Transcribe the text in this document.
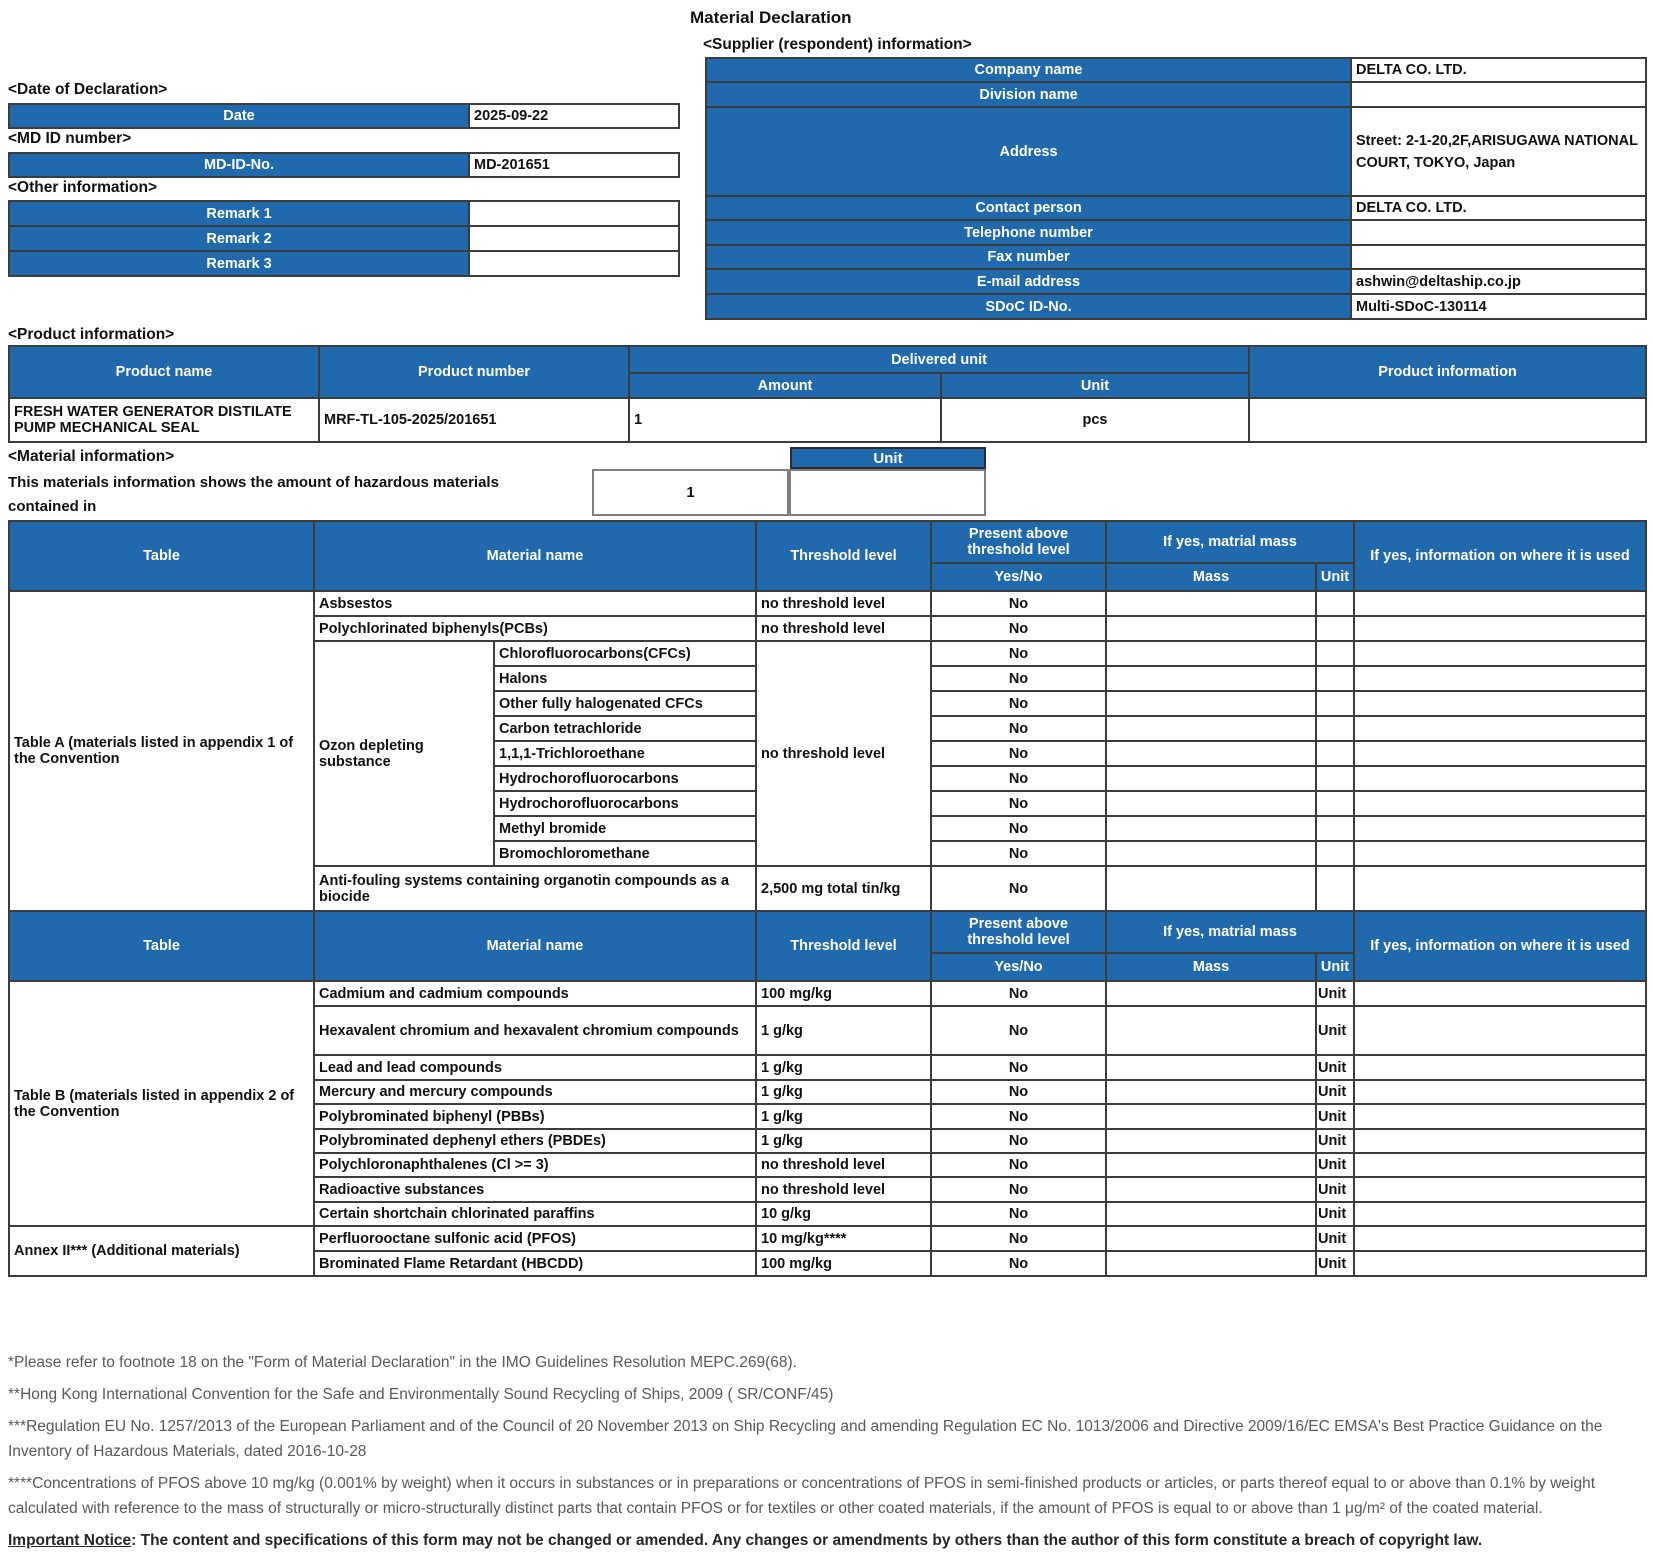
Material Declaration
<Supplier (respondent) information>
Company name	DELTA CO. LTD.
Division name	
Address	Street: 2-1-20,2F,ARISUGAWA NATIONAL COURT, TOKYO, Japan
Contact person	DELTA CO. LTD.
Telephone number	
Fax number	
E-mail address	ashwin@deltaship.co.jp
SDoC ID-No.	Multi-SDoC-130114
<Date of Declaration>
Date	2025-09-22
<MD ID number>
MD-ID-No.	MD-201651
<Other information>
Remark 1	
Remark 2	
Remark 3	
<Product information>
Product name	Product number	Delivered unit		Product information
		Amount	Unit	
FRESH WATER GENERATOR DISTILATE PUMP MECHANICAL SEAL	MRF-TL-105-2025/201651	1	pcs	
<Material information>
This materials information shows the amount of hazardous materials contained in
Unit
1
Table	Material name		Threshold level	Present above threshold level	If yes, matrial mass		If yes, information on where it is used
				Yes/No	Mass	Unit	
Table A (materials listed in appendix 1 of the Convention	Asbsestos		no threshold level	No			
	Polychlorinated biphenyls(PCBs)		no threshold level	No			
	Ozon depleting substance	Chlorofluorocarbons(CFCs)	no threshold level	No			
		Halons		No			
		Other fully halogenated CFCs		No			
		Carbon tetrachloride		No			
		1,1,1-Trichloroethane		No			
		Hydrochorofluorocarbons		No			
		Hydrochorofluorocarbons		No			
		Methyl bromide		No			
		Bromochloromethane		No			
	Anti-fouling systems containing organotin compounds as a biocide		2,500 mg total tin/kg	No			
Table	Material name	Threshold level	Present above threshold level	If yes, matrial mass		If yes, information on where it is used
			Yes/No	Mass	Unit	
Table B (materials listed in appendix 2 of the Convention	Cadmium and cadmium compounds	100 mg/kg	No		Unit	
	Hexavalent chromium and hexavalent chromium compounds	1 g/kg	No		Unit	
	Lead and lead compounds	1 g/kg	No		Unit	
	Mercury and mercury compounds	1 g/kg	No		Unit	
	Polybrominated biphenyl (PBBs)	1 g/kg	No		Unit	
	Polybrominated dephenyl ethers (PBDEs)	1 g/kg	No		Unit	
	Polychloronaphthalenes (Cl >= 3)	no threshold level	No		Unit	
	Radioactive substances	no threshold level	No		Unit	
	Certain shortchain chlorinated paraffins	10 g/kg	No		Unit	
Annex II*** (Additional materials)	Perfluorooctane sulfonic acid (PFOS)	10 mg/kg****	No		Unit	
	Brominated Flame Retardant (HBCDD)	100 mg/kg	No		Unit	

*Please refer to footnote 18 on the "Form of Material Declaration" in the IMO Guidelines Resolution MEPC.269(68).

**Hong Kong International Convention for the Safe and Environmentally Sound Recycling of Ships, 2009 ( SR/CONF/45)

***Regulation EU No. 1257/2013 of the European Parliament and of the Council of 20 November 2013 on Ship Recycling and amending Regulation EC No. 1013/2006 and Directive 2009/16/EC EMSA's Best Practice Guidance on the Inventory of Hazardous Materials, dated 2016-10-28

****Concentrations of PFOS above 10 mg/kg (0.001% by weight) when it occurs in substances or in preparations or concentrations of PFOS in semi-finished products or articles, or parts thereof equal to or above than 0.1% by weight calculated with reference to the mass of structurally or micro-structurally distinct parts that contain PFOS or for textiles or other coated materials, if the amount of PFOS is equal to or above than 1 μg/m² of the coated material.

Important Notice: The content and specifications of this form may not be changed or amended. Any changes or amendments by others than the author of this form constitute a breach of copyright law.
